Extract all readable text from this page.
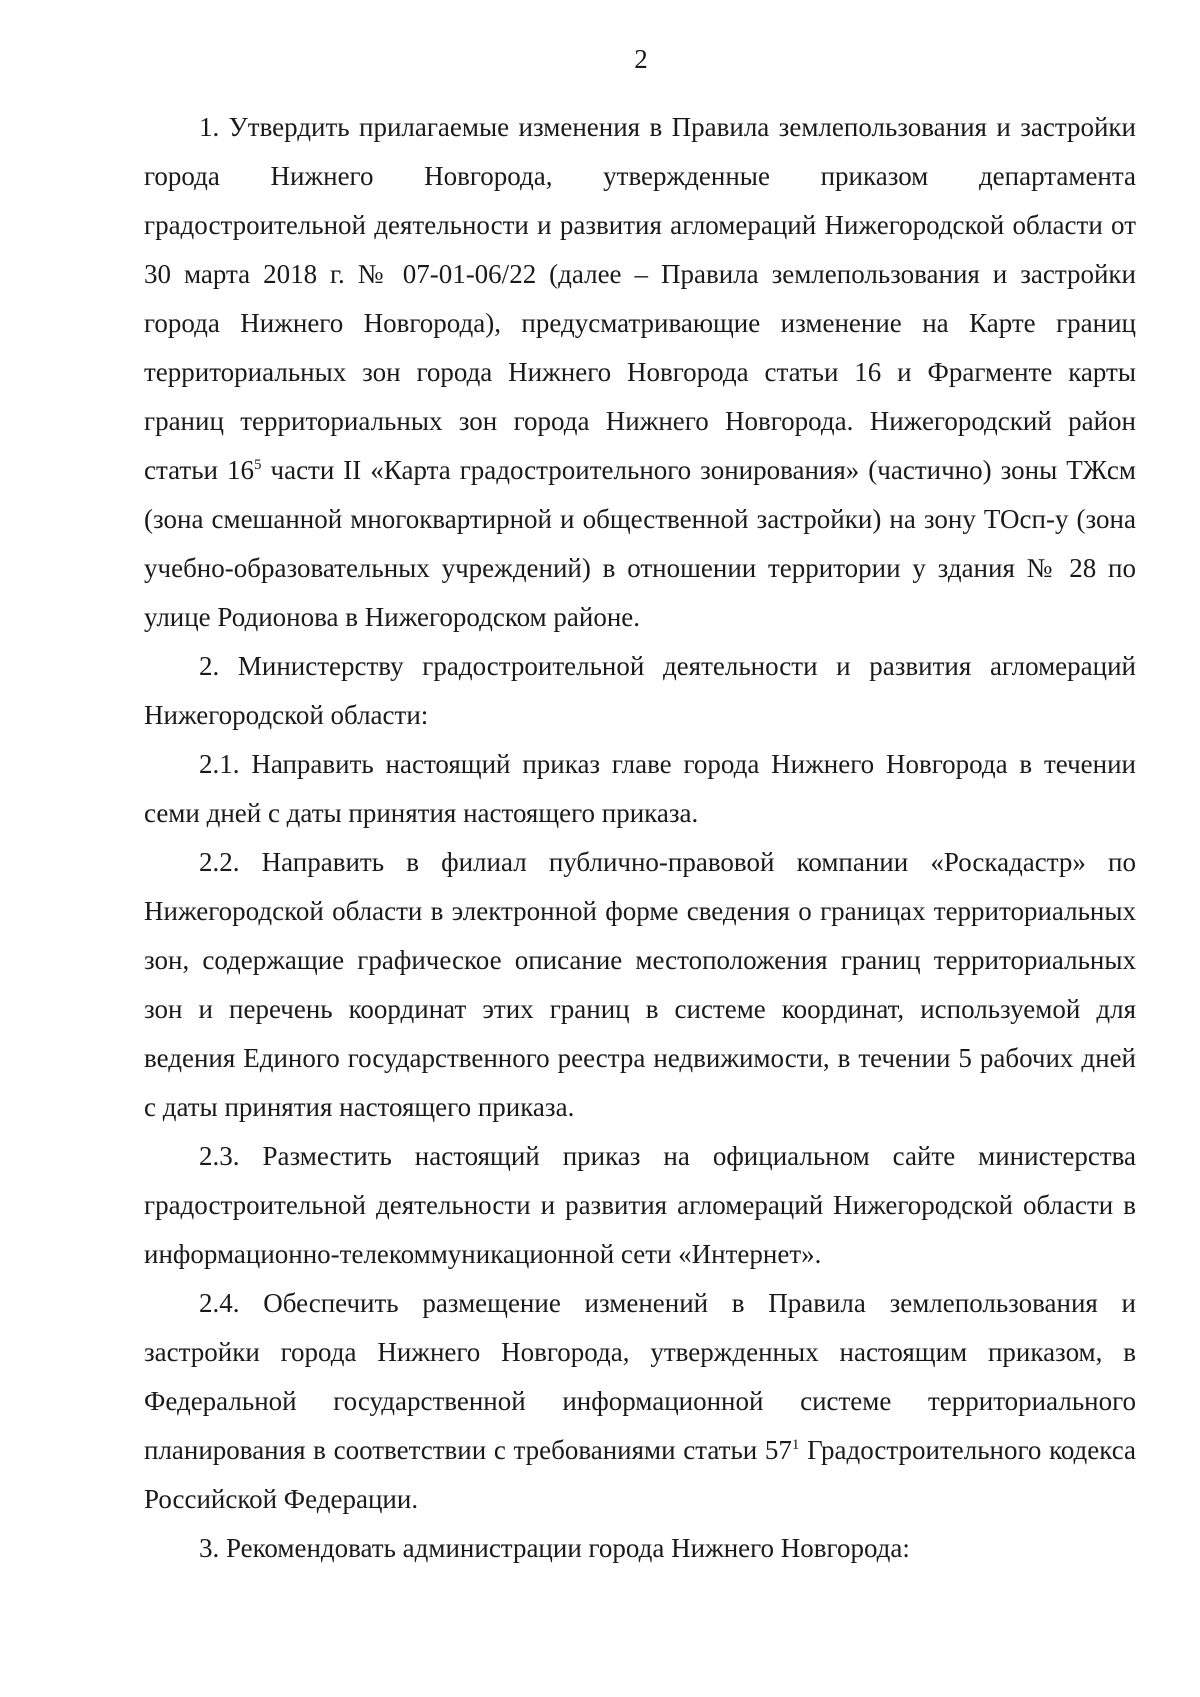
2

1. Утвердить прилагаемые изменения в Правила землепользования и застройки города Нижнего Новгорода, утвержденные приказом департамента градостроительной деятельности и развития агломераций Нижегородской области от 30 марта 2018 г. № 07-01-06/22 (далее – Правила землепользования и застройки города Нижнего Новгорода), предусматривающие изменение на Карте границ территориальных зон города Нижнего Новгорода статьи 16 и Фрагменте карты границ территориальных зон города Нижнего Новгорода. Нижегородский район статьи $16^5$ части II «Карта градостроительного зонирования» (частично) зоны ТЖсм (зона смешанной многоквартирной и общественной застройки) на зону ТОсп-у (зона учебно-образовательных учреждений) в отношении территории у здания № 28 по улице Родионова в Нижегородском районе.

2. Министерству градостроительной деятельности и развития агломераций Нижегородской области:

2.1. Направить настоящий приказ главе города Нижнего Новгорода в течении семи дней с даты принятия настоящего приказа.

2.2. Направить в филиал публично-правовой компании «Роскадастр» по Нижегородской области в электронной форме сведения о границах территориальных зон, содержащие графическое описание местоположения границ территориальных зон и перечень координат этих границ в системе координат, используемой для ведения Единого государственного реестра недвижимости, в течении 5 рабочих дней с даты принятия настоящего приказа.

2.3. Разместить настоящий приказ на официальном сайте министерства градостроительной деятельности и развития агломераций Нижегородской области в информационно-телекоммуникационной сети «Интернет».

2.4. Обеспечить размещение изменений в Правила землепользования и застройки города Нижнего Новгорода, утвержденных настоящим приказом, в Федеральной государственной информационной системе территориального планирования в соответствии с требованиями статьи $57^1$ Градостроительного кодекса Российской Федерации.

3. Рекомендовать администрации города Нижнего Новгорода:
